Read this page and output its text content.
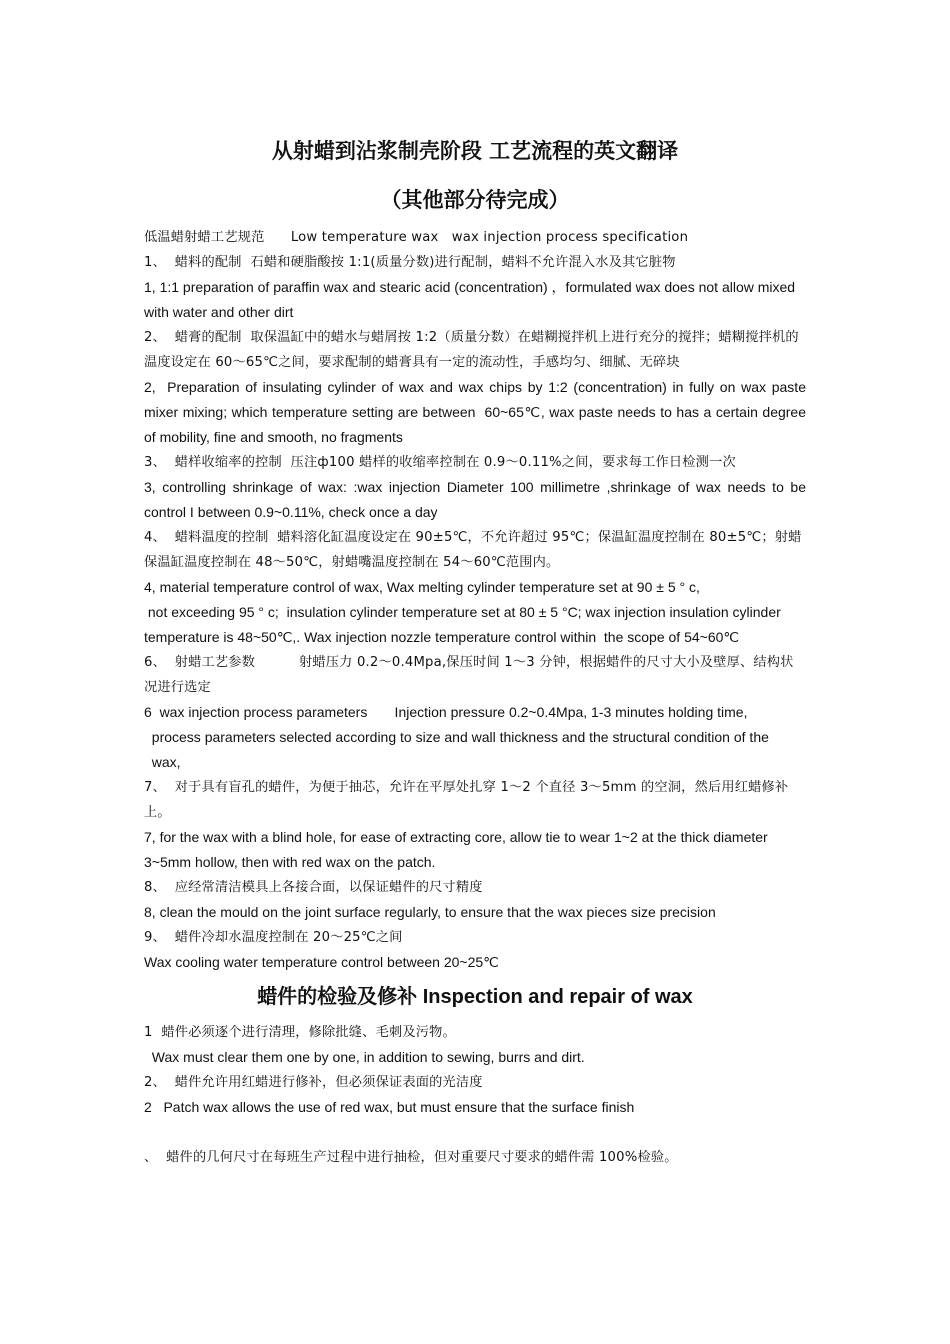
从射蜡到沾浆制壳阶段 工艺流程的英文翻译
（其他部分待完成）

低温蜡射蜡工艺规范      Low temperature wax   wax injection process specification

1、  蜡料的配制  石蜡和硬脂酸按 1:1(质量分数)进行配制，蜡料不允许混入水及其它脏物

1, 1:1 preparation of paraffin wax and stearic acid (concentration) ，formulated wax does not allow mixed with water and other dirt

2、  蜡膏的配制  取保温缸中的蜡水与蜡屑按 1:2（质量分数）在蜡糊搅拌机上进行充分的搅拌；蜡糊搅拌机的温度设定在 60～65℃之间，要求配制的蜡膏具有一定的流动性，手感均匀、细腻、无碎块

2,  Preparation of insulating cylinder of wax and wax chips by 1:2 (concentration) in fully on wax paste mixer mixing; which temperature setting are between  60~65℃, wax paste needs to has a certain degree of mobility, fine and smooth, no fragments

3、  蜡样收缩率的控制  压注ф100 蜡样的收缩率控制在 0.9～0.11%之间，要求每工作日检测一次

3, controlling shrinkage of wax: :wax injection Diameter 100 millimetre ,shrinkage of wax needs to be control I between 0.9~0.11%, check once a day

4、  蜡料温度的控制  蜡料溶化缸温度设定在 90±5℃，不允许超过 95℃；保温缸温度控制在 80±5℃；射蜡保温缸温度控制在 48～50℃，射蜡嘴温度控制在 54～60℃范围内。

4, material temperature control of wax, Wax melting cylinder temperature set at 90 ± 5 ° c,
not exceeding 95 ° c;  insulation cylinder temperature set at 80 ± 5 °C; wax injection insulation cylinder temperature is 48~50℃,. Wax injection nozzle temperature control within  the scope of 54~60℃

6、  射蜡工艺参数          射蜡压力 0.2～0.4Mpa,保压时间 1～3 分钟，根据蜡件的尺寸大小及壁厚、结构状况进行选定

6  wax injection process parameters       Injection pressure 0.2~0.4Mpa, 1-3 minutes holding time,
process parameters selected according to size and wall thickness and the structural condition of the
wax,

7、  对于具有盲孔的蜡件，为便于抽芯，允许在平厚处扎穿 1～2 个直径 3～5mm 的空洞，然后用红蜡修补上。

7, for the wax with a blind hole, for ease of extracting core, allow tie to wear 1~2 at the thick diameter
3~5mm hollow, then with red wax on the patch.

8、  应经常清洁模具上各接合面，以保证蜡件的尺寸精度

8, clean the mould on the joint surface regularly, to ensure that the wax pieces size precision

9、  蜡件冷却水温度控制在 20～25℃之间

Wax cooling water temperature control between 20~25℃

蜡件的检验及修补 Inspection and repair of wax

1  蜡件必须逐个进行清理，修除批缝、毛刺及污物。

Wax must clear them one by one, in addition to sewing, burrs and dirt.

2、  蜡件允许用红蜡进行修补，但必须保证表面的光洁度

2   Patch wax allows the use of red wax, but must ensure that the surface finish

、  蜡件的几何尺寸在每班生产过程中进行抽检，但对重要尺寸要求的蜡件需 100%检验。
